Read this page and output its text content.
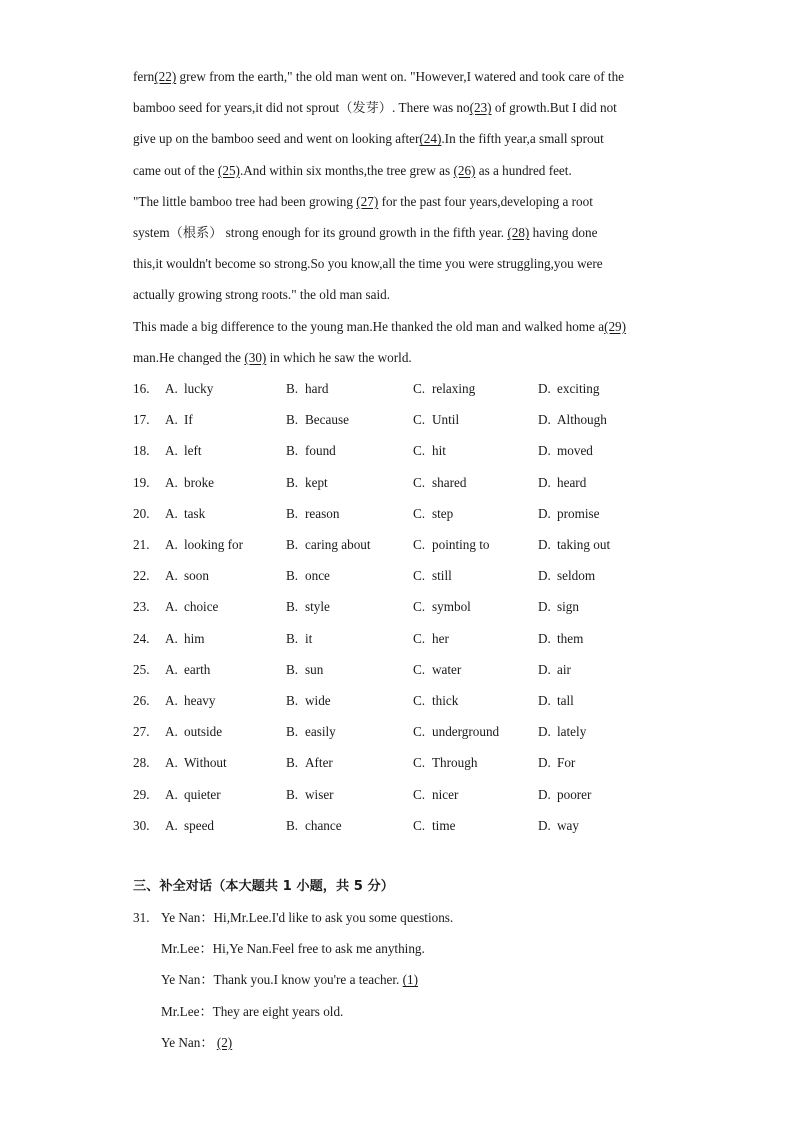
fern(22) grew from the earth," the old man went on. "However,I watered and took care of the
bamboo seed for years,it did not sprout（发芽）. There was no(23) of growth.But I did not
give up on the bamboo seed and went on looking after(24).In the fifth year,a small sprout
came out of the (25).And within six months,the tree grew as (26) as a hundred feet.
"The little bamboo tree had been growing (27) for the past four years,developing a root
system（根系） strong enough for its ground growth in the fifth year. (28) having done
this,it wouldn't become so strong.So you know,all the time you were struggling,you were
actually growing strong roots." the old man said.
This made a big difference to the young man.He thanked the old man and walked home a(29)
man.He changed the (30) in which he saw the world.
16. A. lucky	B. hard	C. relaxing	D. exciting
17. A. If	B. Because	C. Until	D. Although
18. A. left	B. found	C. hit	D. moved
19. A. broke	B. kept	C. shared	D. heard
20. A. task	B. reason	C. step	D. promise
21. A. looking for	B. caring about	C. pointing to	D. taking out
22. A. soon	B. once	C. still	D. seldom
23. A. choice	B. style	C. symbol	D. sign
24. A. him	B. it	C. her	D. them
25. A. earth	B. sun	C. water	D. air
26. A. heavy	B. wide	C. thick	D. tall
27. A. outside	B. easily	C. underground	D. lately
28. A. Without	B. After	C. Through	D. For
29. A. quieter	B. wiser	C. nicer	D. poorer
30. A. speed	B. chance	C. time	D. way
三、补全对话（本大题共 1 小题，共 5 分）
31. Ye Nan：Hi,Mr.Lee.I'd like to ask you some questions.
Mr.Lee：Hi,Ye Nan.Feel free to ask me anything.
Ye Nan：Thank you.I know you're a teacher. (1)
Mr.Lee：They are eight years old.
Ye Nan： (2)
